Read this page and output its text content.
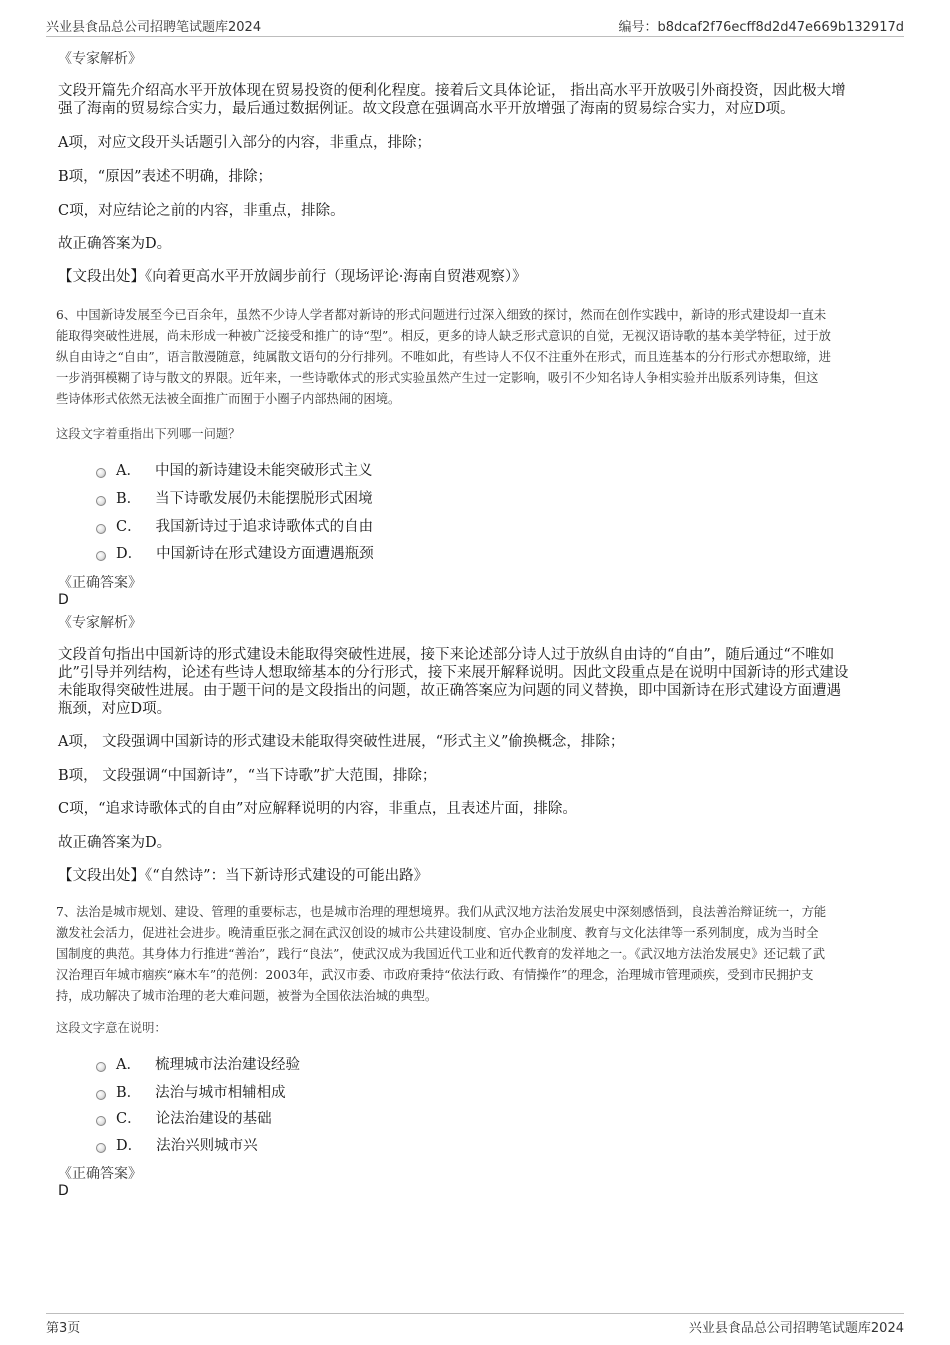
兴业县食品总公司招聘笔试题库2024	编号：b8dcaf2f76ecff8d2d47e669b132917d

《专家解析》

文段开篇先介绍高水平开放体现在贸易投资的便利化程度。接着后文具体论证， 指出高水平开放吸引外商投资，因此极大增
强了海南的贸易综合实力，最后通过数据例证。故文段意在强调高水平开放增强了海南的贸易综合实力，对应D项。

A项，对应文段开头话题引入部分的内容，非重点，排除；

B项，“原因”表述不明确，排除；

C项，对应结论之前的内容，非重点，排除。

故正确答案为D。

【文段出处】《向着更高水平开放阔步前行（现场评论·海南自贸港观察）》

6、中国新诗发展至今已百余年，虽然不少诗人学者都对新诗的形式问题进行过深入细致的探讨，然而在创作实践中，新诗的形式建设却一直未
能取得突破性进展，尚未形成一种被广泛接受和推广的诗“型”。相反，更多的诗人缺乏形式意识的自觉，无视汉语诗歌的基本美学特征，过于放
纵自由诗之“自由”，语言散漫随意，纯属散文语句的分行排列。不唯如此，有些诗人不仅不注重外在形式，而且连基本的分行形式亦想取缔，进
一步消弭模糊了诗与散文的界限。近年来，一些诗歌体式的形式实验虽然产生过一定影响，吸引不少知名诗人争相实验并出版系列诗集，但这
些诗体形式依然无法被全面推广而囿于小圈子内部热闹的困境。

这段文字着重指出下列哪一问题？

A． 中国的新诗建设未能突破形式主义
B． 当下诗歌发展仍未能摆脱形式困境
C． 我国新诗过于追求诗歌体式的自由
D． 中国新诗在形式建设方面遭遇瓶颈

《正确答案》

D

《专家解析》

文段首句指出中国新诗的形式建设未能取得突破性进展，接下来论述部分诗人过于放纵自由诗的“自由”，随后通过“不唯如
此”引导并列结构，论述有些诗人想取缔基本的分行形式，接下来展开解释说明。因此文段重点是在说明中国新诗的形式建设
未能取得突破性进展。由于题干问的是文段指出的问题，故正确答案应为问题的同义替换，即中国新诗在形式建设方面遭遇
瓶颈，对应D项。

A项， 文段强调中国新诗的形式建设未能取得突破性进展，“形式主义”偷换概念，排除；

B项， 文段强调“中国新诗”，“当下诗歌”扩大范围，排除；

C项，“追求诗歌体式的自由”对应解释说明的内容，非重点，且表述片面，排除。

故正确答案为D。

【文段出处】《“自然诗”：当下新诗形式建设的可能出路》

7、法治是城市规划、建设、管理的重要标志，也是城市治理的理想境界。我们从武汉地方法治发展史中深刻感悟到，良法善治辩证统一，方能
激发社会活力，促进社会进步。晚清重臣张之洞在武汉创设的城市公共建设制度、官办企业制度、教育与文化法律等一系列制度，成为当时全
国制度的典范。其身体力行推进“善治”，践行“良法”，使武汉成为我国近代工业和近代教育的发祥地之一。《武汉地方法治发展史》还记载了武
汉治理百年城市痼疾“麻木车”的范例：2003年，武汉市委、市政府秉持“依法行政、有情操作”的理念，治理城市管理顽疾，受到市民拥护支
持，成功解决了城市治理的老大难问题，被誉为全国依法治城的典型。

这段文字意在说明：

A． 梳理城市法治建设经验
B． 法治与城市相辅相成
C． 论法治建设的基础
D． 法治兴则城市兴

《正确答案》

D

第3页	兴业县食品总公司招聘笔试题库2024
